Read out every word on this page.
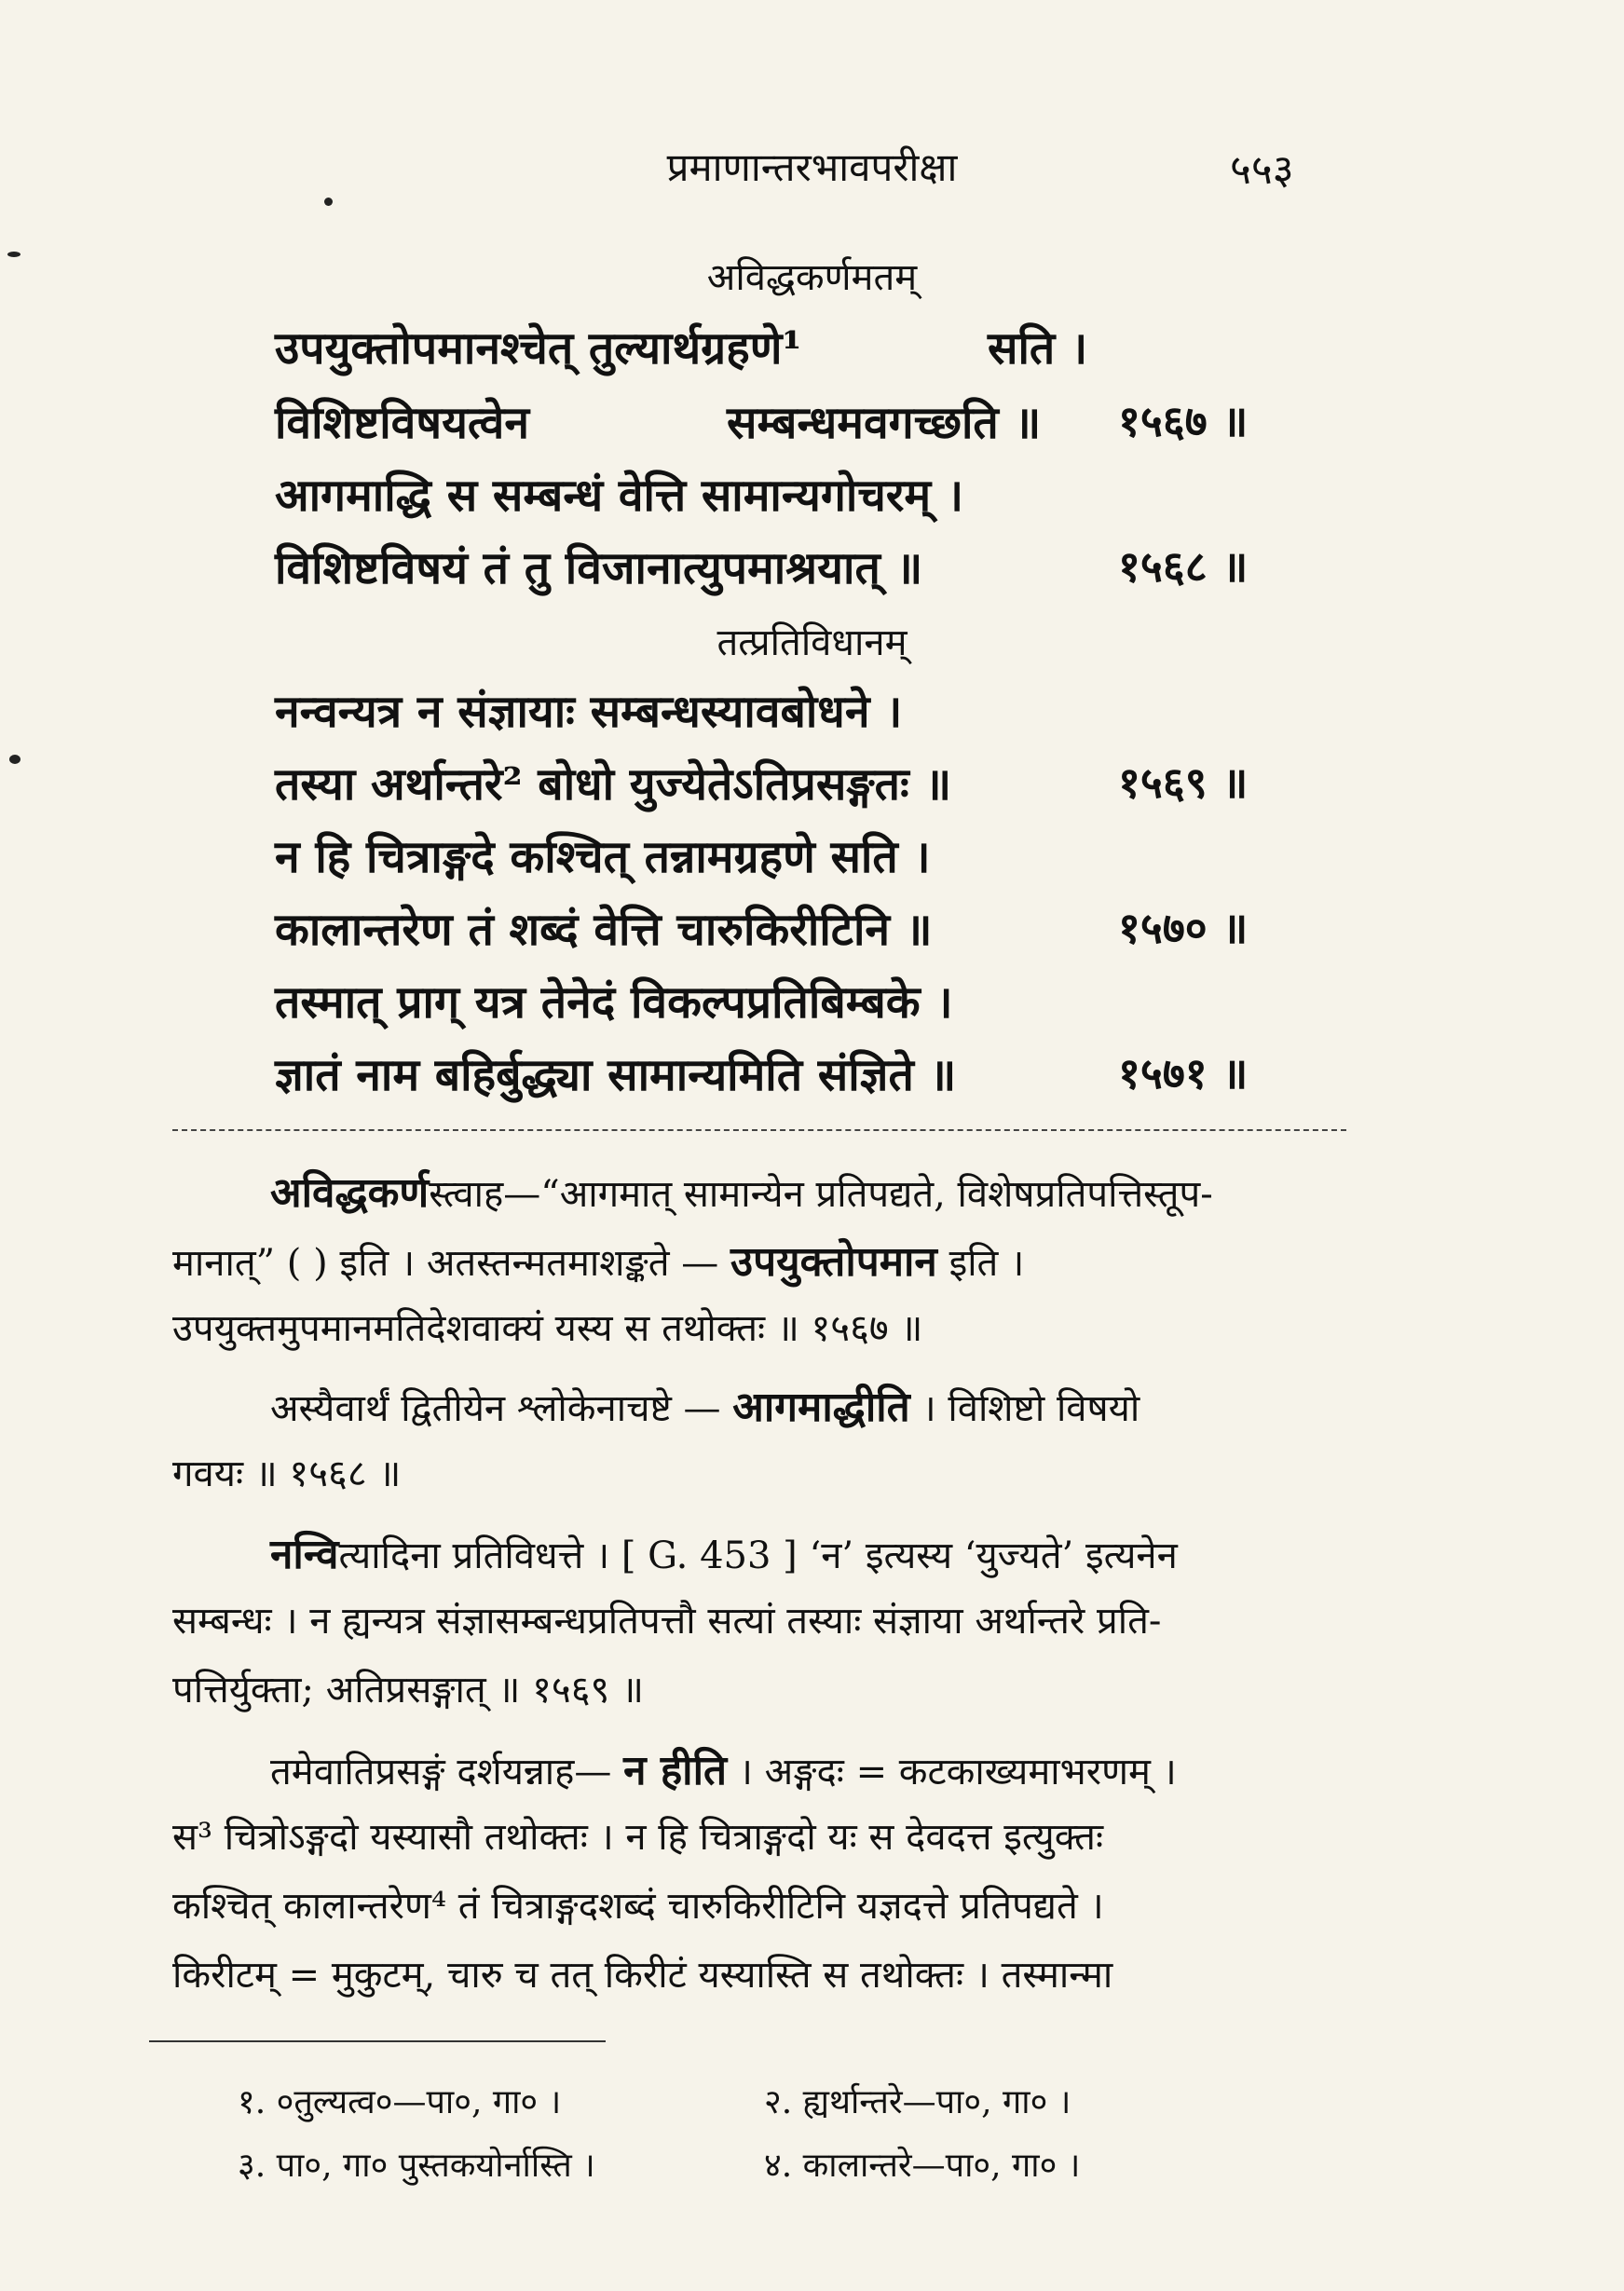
प्रमाणान्तरभावपरीक्षा	५५३
अविद्धकर्णमतम्
उपयुक्तोपमानश्चेत् तुल्यार्थग्रहणे¹	सति ।
विशिष्टविषयत्वेन	सम्बन्धमवगच्छति ॥ १५६७ ॥
आगमाद्धि स सम्बन्धं वेत्ति सामान्यगोचरम् ।
विशिष्टविषयं तं तु विजानात्युपमाश्रयात् ॥	१५६८ ॥
तत्प्रतिविधानम्
नन्वन्यत्र न संज्ञायाः सम्बन्धस्यावबोधने ।
तस्या अर्थान्तरे² बोधो युज्येतेऽतिप्रसङ्गतः ॥	१५६९ ॥
न हि चित्राङ्गदे कश्चित् तन्नामग्रहणे सति ।
कालान्तरेण तं शब्दं वेत्ति चारुकिरीटिनि ॥	१५७० ॥
तस्मात् प्राग् यत्र तेनेदं विकल्पप्रतिबिम्बके ।
ज्ञातं नाम बहिर्बुद्ध्या सामान्यमिति संज्ञिते ॥	१५७१ ॥
अविद्धकर्णस्त्वाह—“आगमात् सामान्येन प्रतिपद्यते, विशेषप्रतिपत्तिस्तूप-
मानात्” ( ) इति । अतस्तन्मतमाशङ्कते — उपयुक्तोपमान इति ।
उपयुक्तमुपमानमतिदेशवाक्यं यस्य स तथोक्तः ॥ १५६७ ॥
अस्यैवार्थं द्वितीयेन श्लोकेनाचष्टे — आगमाद्धीति । विशिष्टो विषयो
गवयः ॥ १५६८ ॥
नन्वित्यादिना प्रतिविधत्ते । [ G. 453 ] ‘न’ इत्यस्य ‘युज्यते’ इत्यनेन
सम्बन्धः । न ह्यन्यत्र संज्ञासम्बन्धप्रतिपत्तौ सत्यां तस्याः संज्ञाया अर्थान्तरे प्रति-
पत्तिर्युक्ता; अतिप्रसङ्गात् ॥ १५६९ ॥
तमेवातिप्रसङ्गं दर्शयन्नाह— न हीति । अङ्गदः = कटकाख्यमाभरणम् ।
स³ चित्रोऽङ्गदो यस्यासौ तथोक्तः । न हि चित्राङ्गदो यः स देवदत्त इत्युक्तः
कश्चित् कालान्तरेण⁴ तं चित्राङ्गदशब्दं चारुकिरीटिनि यज्ञदत्ते प्रतिपद्यते ।
किरीटम् = मुकुटम्, चारु च तत् किरीटं यस्यास्ति स तथोक्तः । तस्मान्मा
१. ०तुल्यत्व०—पा०, गा० ।	२. ह्यर्थान्तरे—पा०, गा० ।
३. पा०, गा० पुस्तकयोर्नास्ति ।	४. कालान्तरे—पा०, गा० ।
